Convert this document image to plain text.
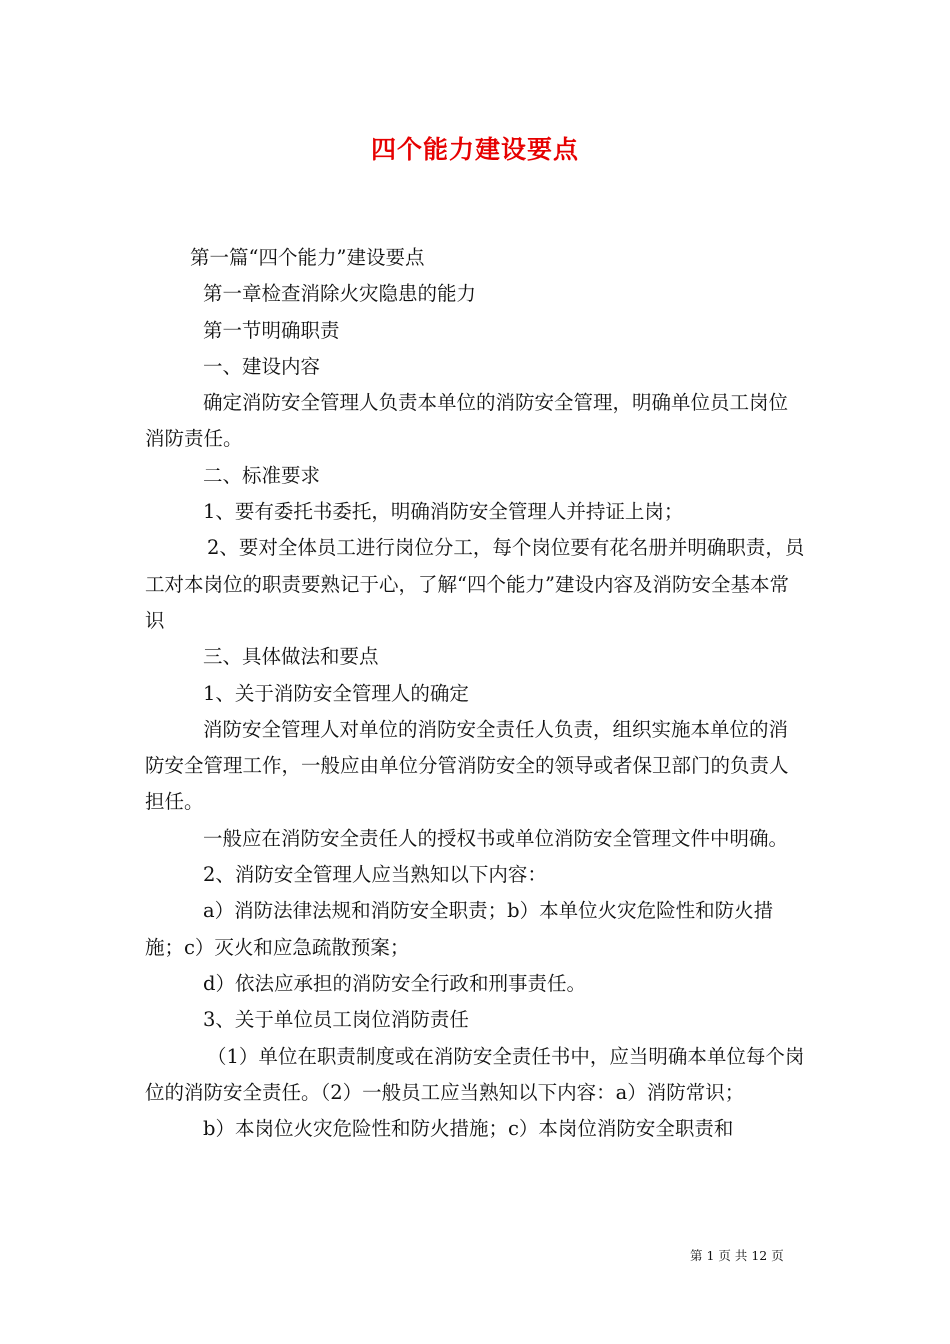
四个能力建设要点

第一篇“四个能力”建设要点

第一章检查消除火灾隐患的能力

第一节明确职责

一、建设内容

确定消防安全管理人负责本单位的消防安全管理，明确单位员工岗位消防责任。

二、标准要求

1、要有委托书委托，明确消防安全管理人并持证上岗；

2、要对全体员工进行岗位分工，每个岗位要有花名册并明确职责，员工对本岗位的职责要熟记于心，了解“四个能力”建设内容及消防安全基本常识

三、具体做法和要点

1、关于消防安全管理人的确定

消防安全管理人对单位的消防安全责任人负责，组织实施本单位的消防安全管理工作，一般应由单位分管消防安全的领导或者保卫部门的负责人担任。

一般应在消防安全责任人的授权书或单位消防安全管理文件中明确。

2、消防安全管理人应当熟知以下内容：

a）消防法律法规和消防安全职责；b）本单位火灾危险性和防火措施；c）灭火和应急疏散预案；

d）依法应承担的消防安全行政和刑事责任。

3、关于单位员工岗位消防责任

（1）单位在职责制度或在消防安全责任书中，应当明确本单位每个岗位的消防安全责任。（2）一般员工应当熟知以下内容：a）消防常识；

b）本岗位火灾危险性和防火措施；c）本岗位消防安全职责和

第 1 页 共 12 页
